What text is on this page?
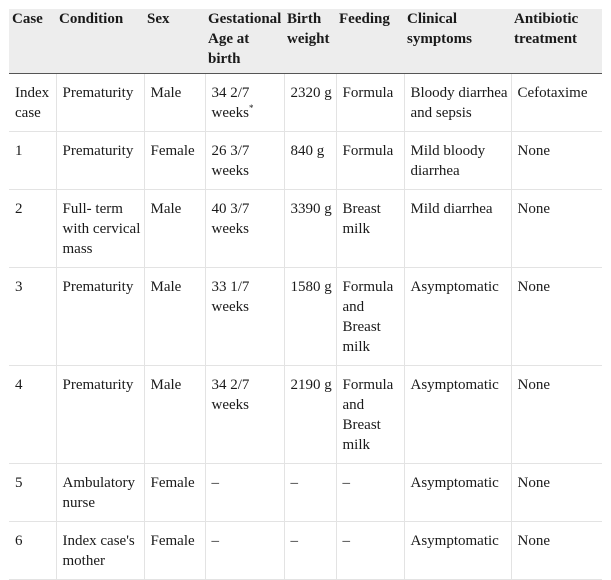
Case	Condition	Sex	Gestational Age at birth	Birth weight	Feeding	Clinical symptoms	Antibiotic treatment
Index case	Prematurity	Male	34 2/7 weeks*	2320 g	Formula	Bloody diarrhea and sepsis	Cefotaxime
1	Prematurity	Female	26 3/7 weeks	840 g	Formula	Mild bloody diarrhea	None
2	Full- term with cervical mass	Male	40 3/7 weeks	3390 g	Breast milk	Mild diarrhea	None
3	Prematurity	Male	33 1/7 weeks	1580 g	Formula and Breast milk	Asymptomatic	None
4	Prematurity	Male	34 2/7 weeks	2190 g	Formula and Breast milk	Asymptomatic	None
5	Ambulatory nurse	Female	–	–	–	Asymptomatic	None
6	Index case's mother	Female	–	–	–	Asymptomatic	None
